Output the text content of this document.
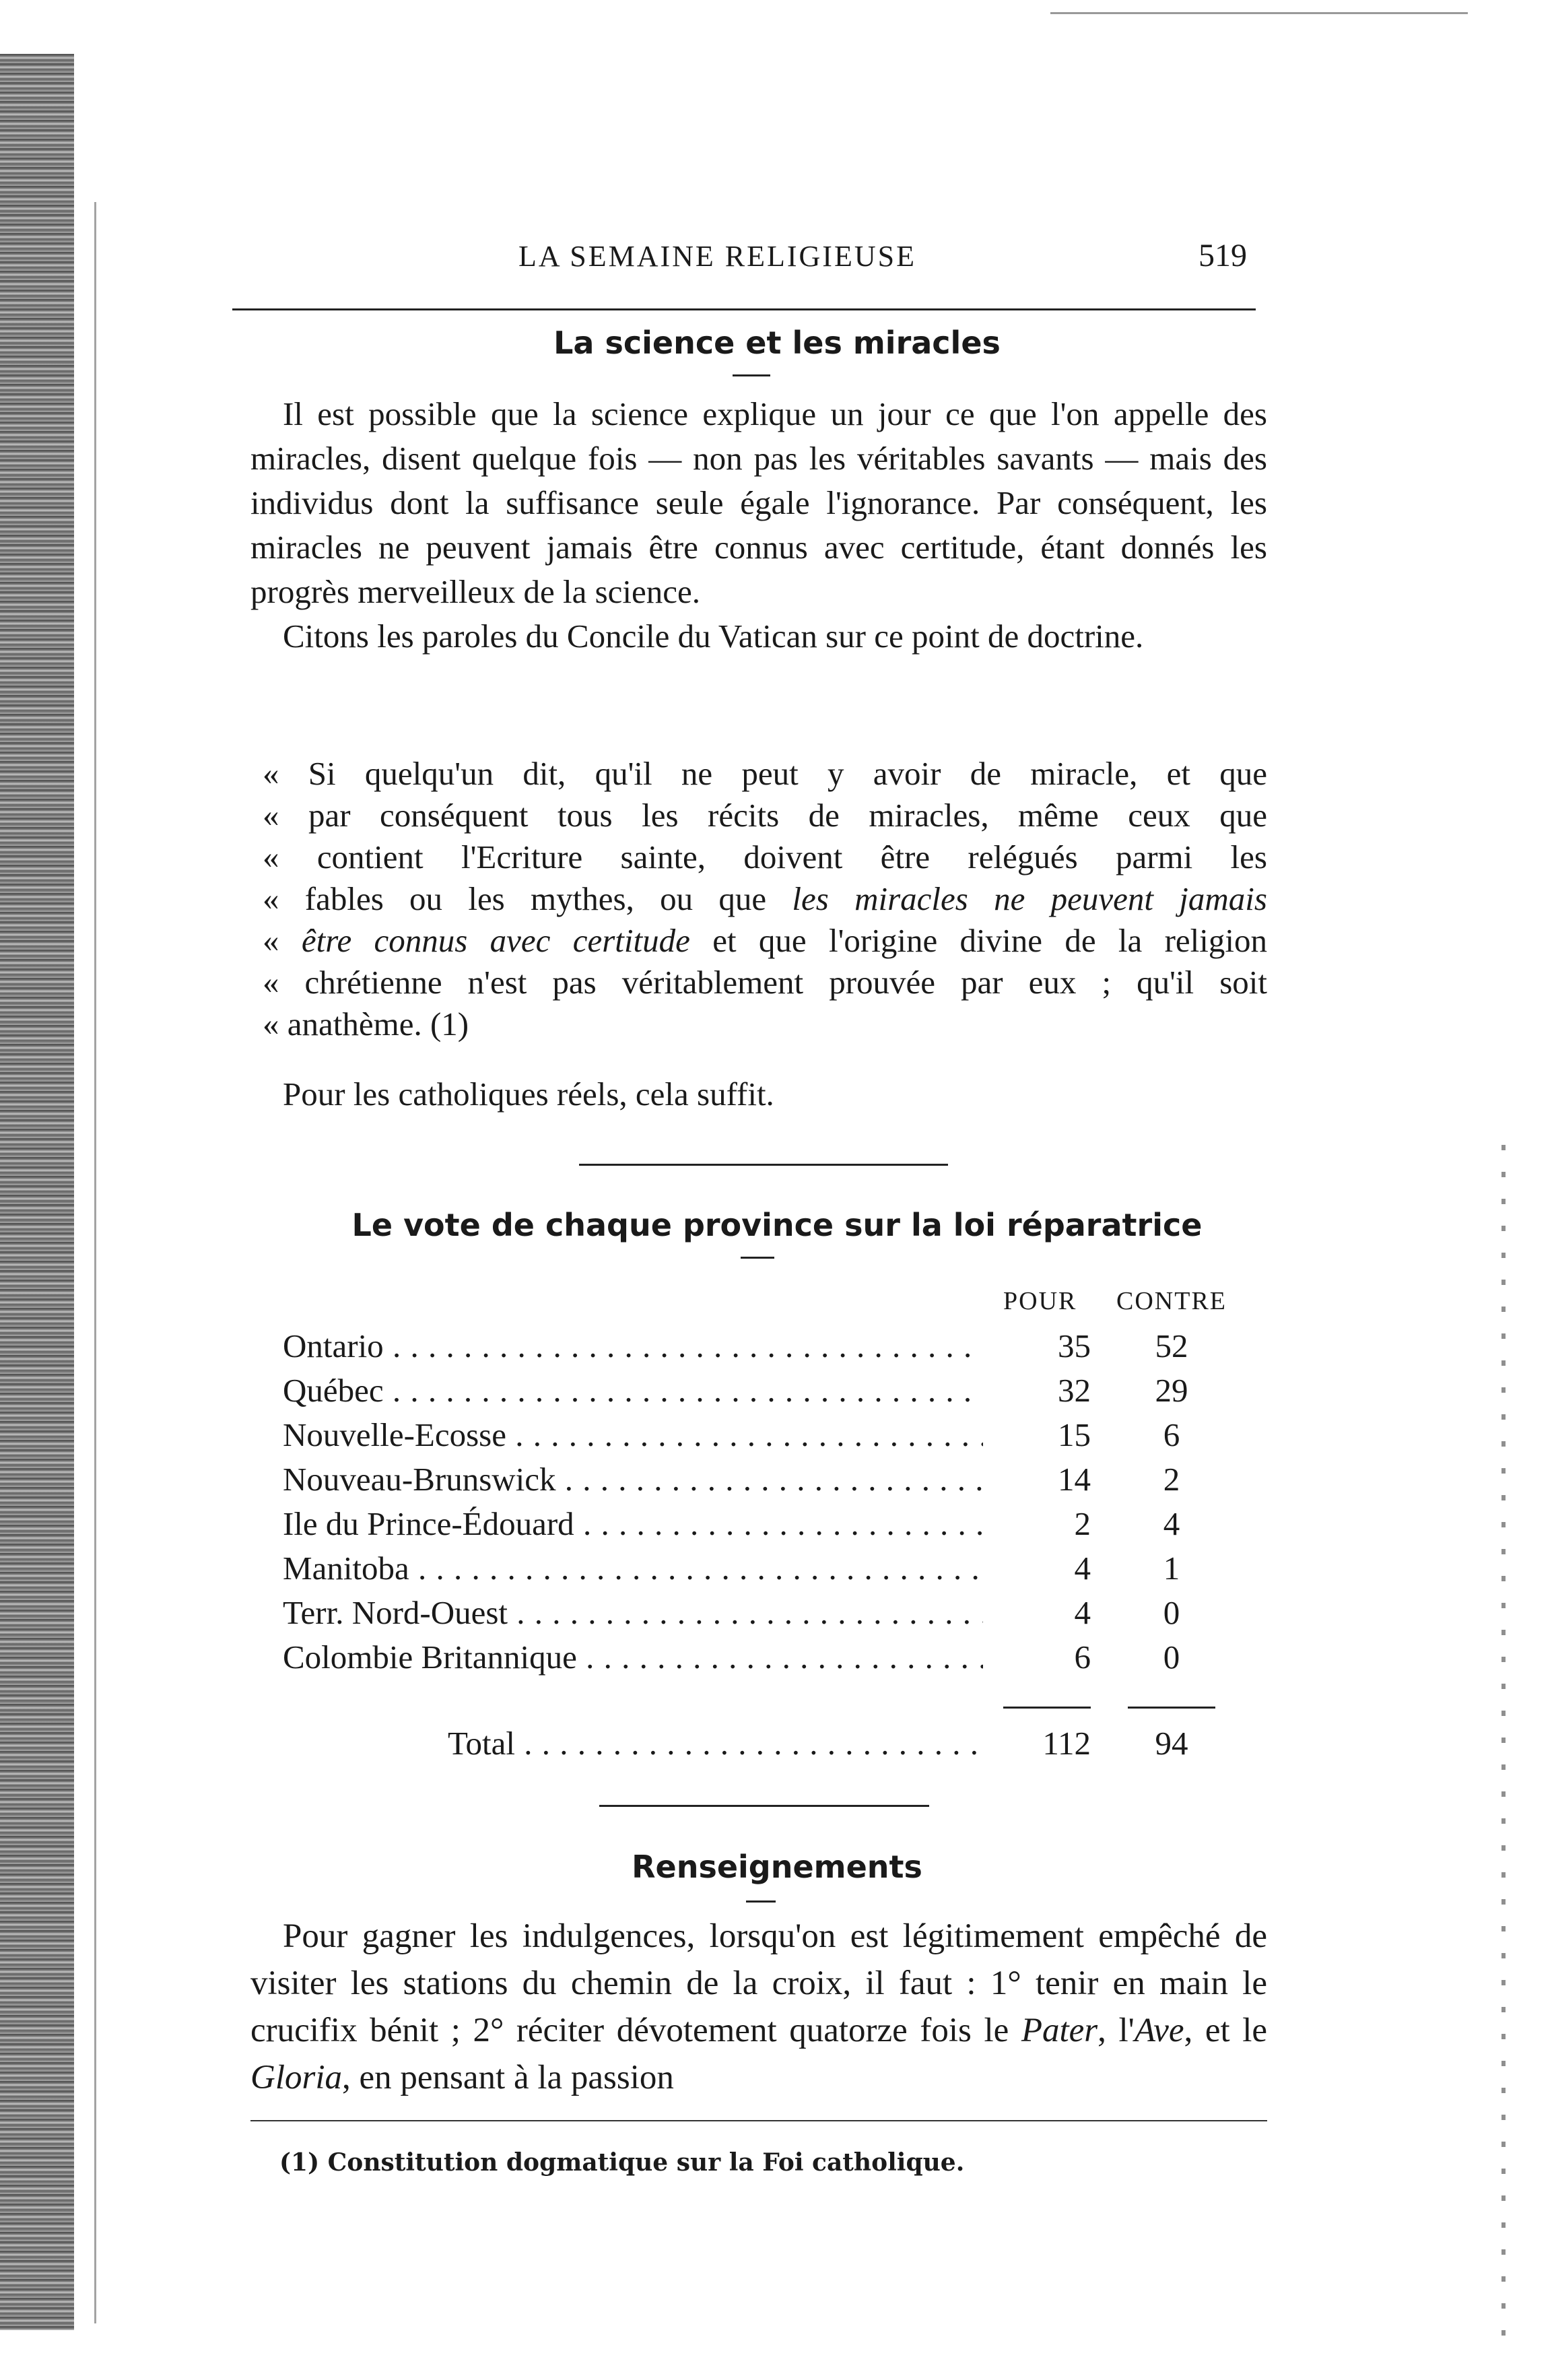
LA SEMAINE RELIGIEUSE	519
La science et les miracles

Il est possible que la science explique un jour ce que l'on appelle des miracles, disent quelque fois — non pas les véritables savants — mais des individus dont la suffisance seule égale l'ignorance. Par conséquent, les miracles ne peuvent jamais être connus avec certitude, étant donnés les progrès merveilleux de la science.

Citons les paroles du Concile du Vatican sur ce point de doctrine.

« Si quelqu'un dit, qu'il ne peut y avoir de miracle, et que
« par conséquent tous les récits de miracles, même ceux que
« contient l'Ecriture sainte, doivent être relégués parmi les
« fables ou les mythes, ou que les miracles ne peuvent jamais
« être connus avec certitude et que l'origine divine de la religion
« chrétienne n'est pas véritablement prouvée par eux ; qu'il soit
« anathème. (1)

Pour les catholiques réels, cela suffit.

Le vote de chaque province sur la loi réparatrice
POUR CONTRE
Ontario . . .	35	52
Québec . . .	32	29
Nouvelle-Ecosse . . .	15	6
Nouveau-Brunswick . . .	14	2
Ile du Prince-Édouard . . .	2	4
Manitoba . . .	4	1
Terr. Nord-Ouest . . .	4	0
Colombie Britannique . . .	6	0
Total . . .	112	94
Renseignements

Pour gagner les indulgences, lorsqu'on est légitimement empêché de visiter les stations du chemin de la croix, il faut : 1° tenir en main le crucifix bénit ; 2° réciter dévotement quatorze fois le Pater, l'Ave, et le Gloria, en pensant à la passion

(1) Constitution dogmatique sur la Foi catholique.
